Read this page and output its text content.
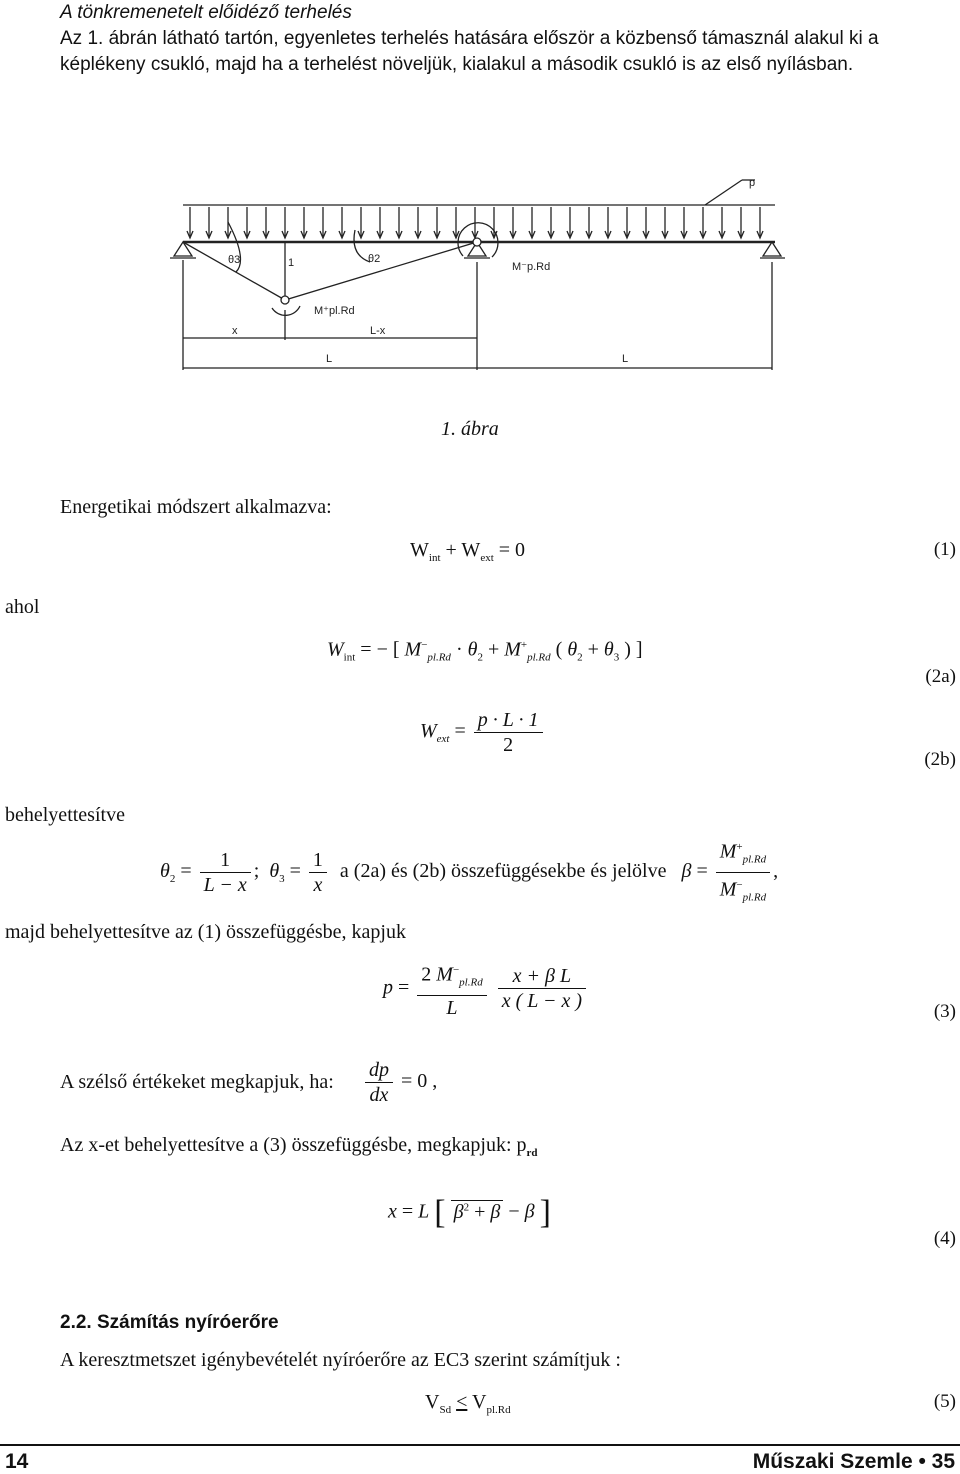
A tönkremenetelt előidéző terhelés

Az 1. ábrán látható tartón, egyenletes terhelés hatására először a közbenső támasznál alakul ki a képlékeny csukló, majd ha a terhelést növeljük, kialakul a második csukló is az első nyílásban.

p
θ3	1	θ2
M⁻p.Rd
M⁺pl.Rd
x	L-x
L	L
1. ábra
Energetikai módszert alkalmazva:
$W_{int} + W_{ext} = 0$	(1)
ahol
$W_{int}$ = − [ $M^-_{pl.Rd} \cdot \theta_2 + M^+_{pl.Rd}$ ( $\theta_2 + \theta_3$ ) ]
(2a)
$W_{ext} = \frac{p \cdot L \cdot 1}{2}$
(2b)
behelyettesítve
$\theta_2 = \frac{1}{L - x}$ ;  $\theta_3 = \frac{1}{x}$ a (2a) és (2b) összefüggésekbe és jelölve $\beta = \frac{M^+_{pl.Rd}}{M^-_{pl.Rd}}$ ,
majd behelyettesítve az (1) összefüggésbe, kapjuk
$p = \frac{2 M^-_{pl.Rd}}{L}$
$\frac{\text{x + β L}}{x ( L - x )}$	(3)
A szélső értékeket megkapjuk, ha: $\frac{dp}{dx} = 0$ ,
Az x-et behelyettesítve a (3) összefüggésbe, megkapjuk: $p_{rd}$
x = L [ $\beta^2 + \beta - \beta$ ]
(4)
2.2. Számítás nyíróerőre
A keresztmetszet igénybevételét nyíróerőre az EC3 szerint számítjuk :
$V_{Sd} < V_{pl.Rd}$	(5)
14	Műszaki Szemle • 35
